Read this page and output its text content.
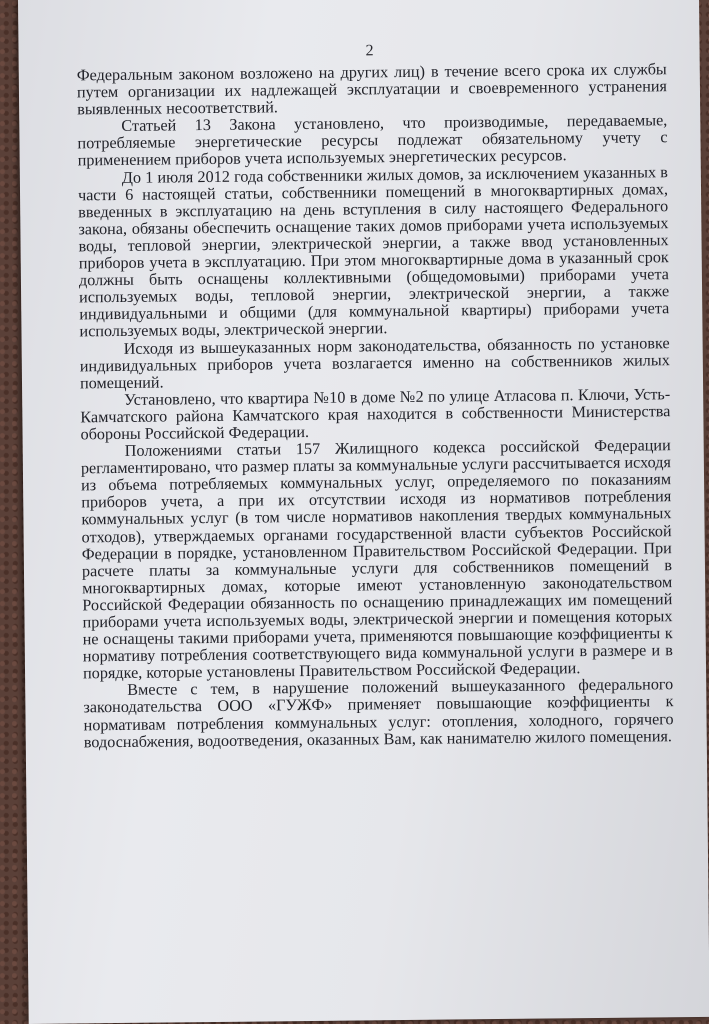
2

Федеральным законом возложено на других лиц) в течение всего срока их службы путем организации их надлежащей эксплуатации и своевременного устранения выявленных несоответствий.

Статьей 13 Закона установлено, что производимые, передаваемые, потребляемые энергетические ресурсы подлежат обязательному учету с применением приборов учета используемых энергетических ресурсов.

До 1 июля 2012 года собственники жилых домов, за исключением указанных в части 6 настоящей статьи, собственники помещений в многоквартирных домах, введенных в эксплуатацию на день вступления в силу настоящего Федерального закона, обязаны обеспечить оснащение таких домов приборами учета используемых воды, тепловой энергии, электрической энергии, а также ввод установленных приборов учета в эксплуатацию. При этом многоквартирные дома в указанный срок должны быть оснащены коллективными (общедомовыми) приборами учета используемых воды, тепловой энергии, электрической энергии, а также индивидуальными и общими (для коммунальной квартиры) приборами учета используемых воды, электрической энергии.

Исходя из вышеуказанных норм законодательства, обязанность по установке индивидуальных приборов учета возлагается именно на собственников жилых помещений.

Установлено, что квартира №10 в доме №2 по улице Атласова п. Ключи, Усть-Камчатского района Камчатского края находится в собственности Министерства обороны Российской Федерации.

Положениями статьи 157 Жилищного кодекса российской Федерации регламентировано, что размер платы за коммунальные услуги рассчитывается исходя из объема потребляемых коммунальных услуг, определяемого по показаниям приборов учета, а при их отсутствии исходя из нормативов потребления коммунальных услуг (в том числе нормативов накопления твердых коммунальных отходов), утверждаемых органами государственной власти субъектов Российской Федерации в порядке, установленном Правительством Российской Федерации. При расчете платы за коммунальные услуги для собственников помещений в многоквартирных домах, которые имеют установленную законодательством Российской Федерации обязанность по оснащению принадлежащих им помещений приборами учета используемых воды, электрической энергии и помещения которых не оснащены такими приборами учета, применяются повышающие коэффициенты к нормативу потребления соответствующего вида коммунальной услуги в размере и в порядке, которые установлены Правительством Российской Федерации.

Вместе с тем, в нарушение положений вышеуказанного федерального законодательства ООО «ГУЖФ» применяет повышающие коэффициенты к нормативам потребления коммунальных услуг: отопления, холодного, горячего водоснабжения, водоотведения, оказанных Вам, как нанимателю жилого помещения.
